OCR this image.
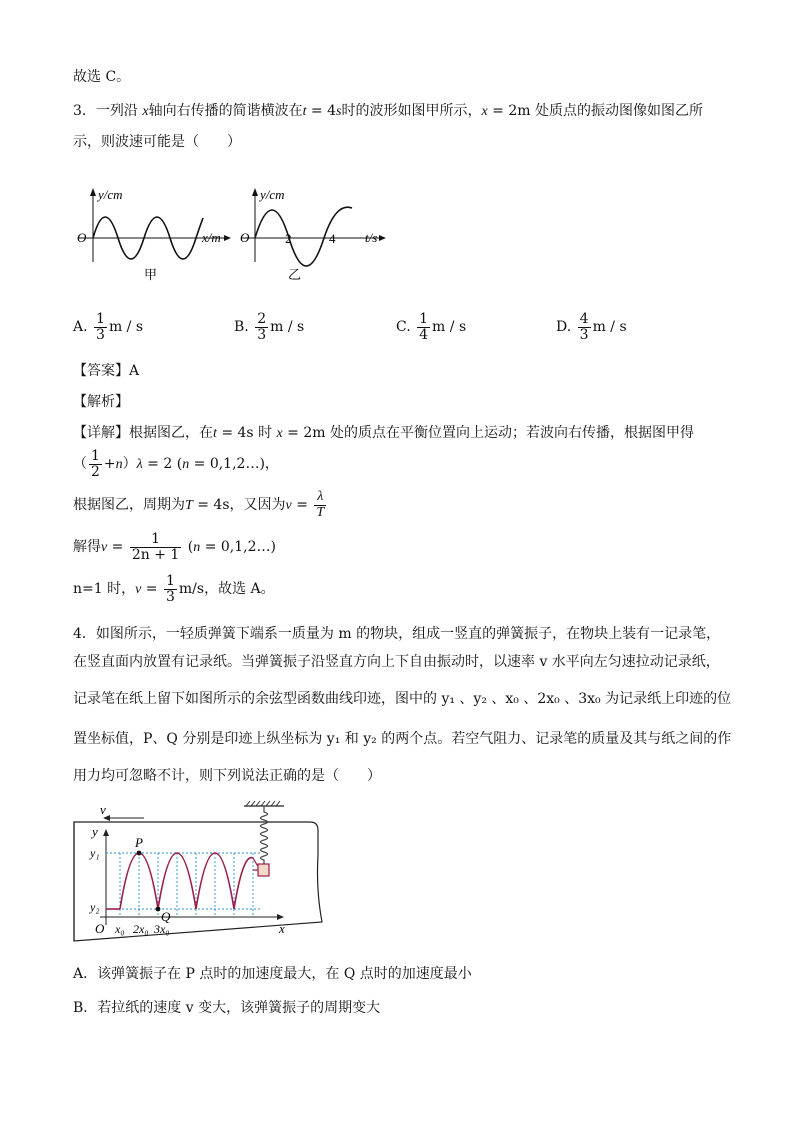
故选 C。
3．一列沿 x轴向右传播的简谐横波在t = 4s时的波形如图甲所示，x = 2m 处质点的振动图像如图乙所
示，则波速可能是（　　）
y/cm
x/m
O
甲
y/cm
t/s
O	2	4
乙
A. $\frac{1}{3}$ m / s	B. $\frac{2}{3}$ m / s	C. $\frac{1}{4}$ m / s	D. $\frac{4}{3}$ m / s
【答案】A
【解析】
【详解】根据图乙，在t = 4s 时 x = 2m 处的质点在平衡位置向上运动；若波向右传播，根据图甲得
（ $\frac{1}{2} +n)\lambda = 2$ (n = 0,1,2…)，
根据图乙，周期为T = 4s，又因为$v = \frac{\lambda}{T}$
解得$v = \frac{1}{2n + 1} (n$ = 0,1,2…)
n=1 时，$v = \frac{1}{3} m/s$，故选 A。
4．如图所示，一轻质弹簧下端系一质量为 m 的物块，组成一竖直的弹簧振子，在物块上装有一记录笔，
在竖直面内放置有记录纸。当弹簧振子沿竖直方向上下自由振动时，以速率 v 水平向左匀速拉动记录纸，
记录笔在纸上留下如图所示的余弦型函数曲线印迹，图中的 y₁ 、y₂ 、x₀ 、2x₀ 、3x₀ 为记录纸上印迹的位
置坐标值，P、Q 分别是印迹上纵坐标为 y₁ 和 y₂ 的两个点。若空气阻力、记录笔的质量及其与纸之间的作
用力均可忽略不计，则下列说法正确的是（　　）
v
y
y₁
y₂
O	x
x₀ 2x₀ 3x₀
P
Q
A．该弹簧振子在 P 点时的加速度最大，在 Q 点时的加速度最小
B．若拉纸的速度 v 变大，该弹簧振子的周期变大
